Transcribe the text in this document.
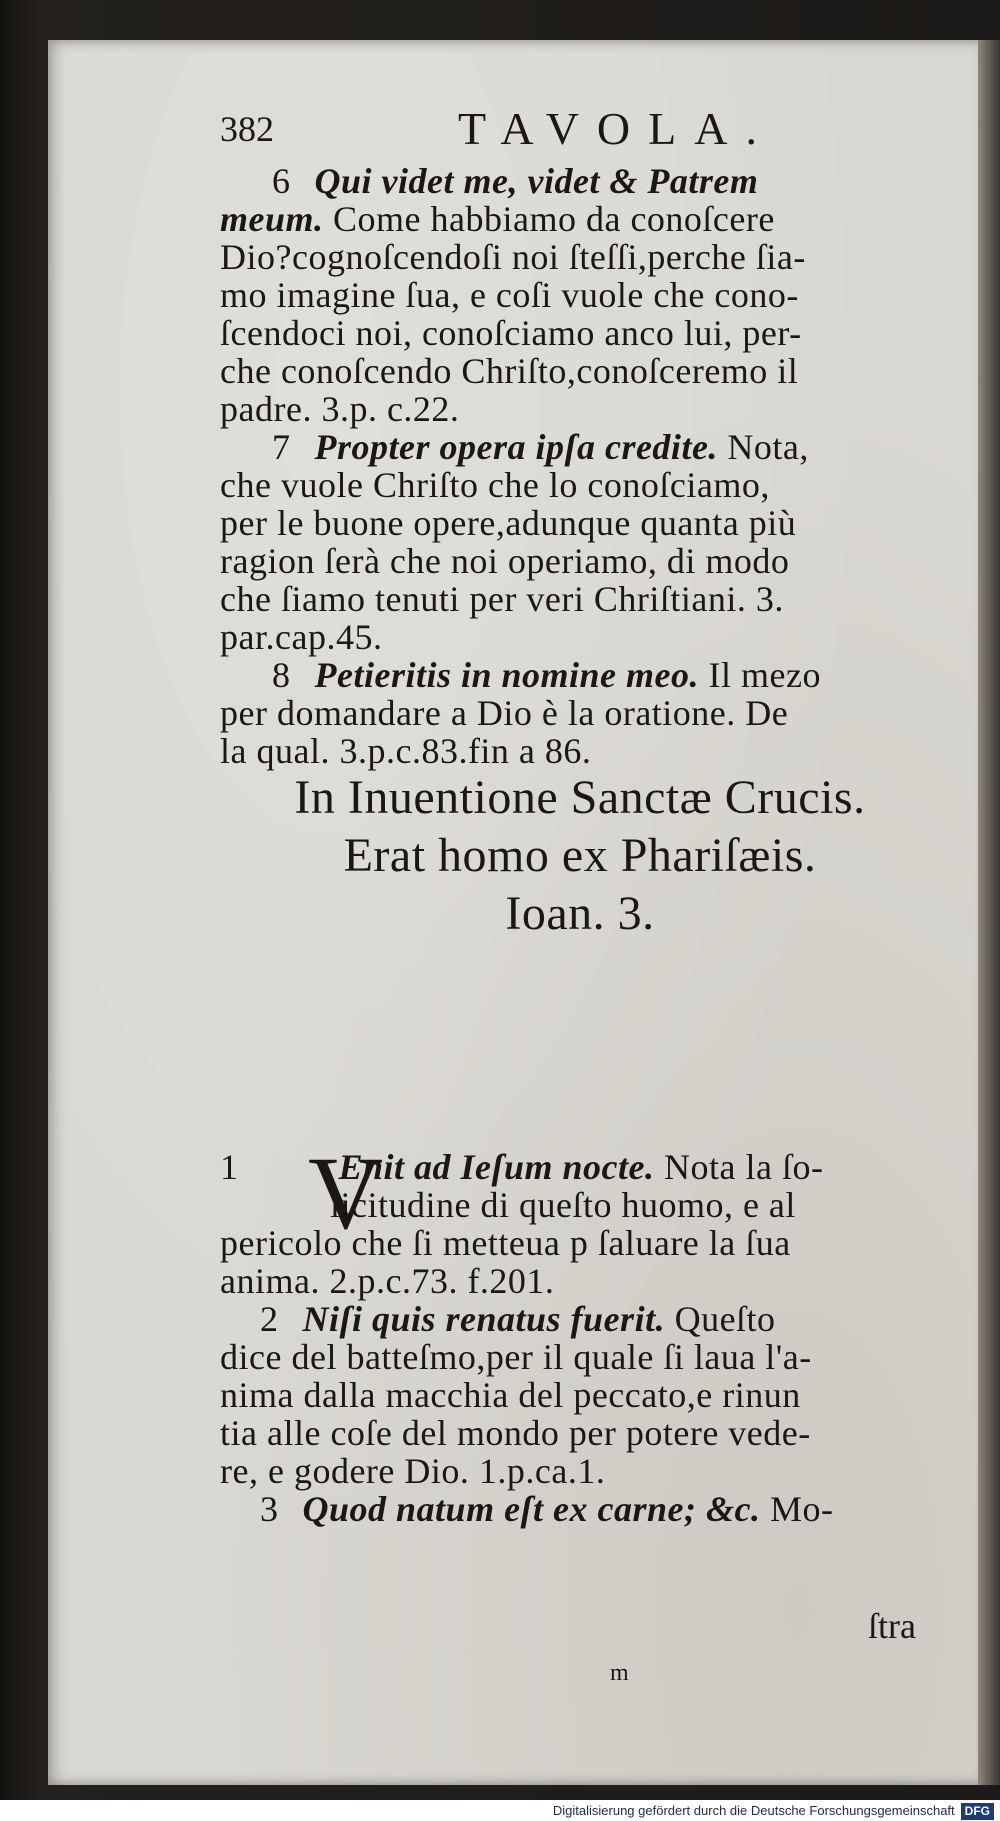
382	TAVOLA.
6 Qui videt me, videt & Patrem
meum. Come habbiamo da conoſcere
Dio?cognoſcendoſi noi ſteſſi,perche ſia-
mo imagine ſua, e coſi vuole che cono-
ſcendoci noi, conoſciamo anco lui, per-
che conoſcendo Chriſto,conoſceremo il
padre. 3.p. c.22.
7 Propter opera ipſa credite. Nota,
che vuole Chriſto che lo conoſciamo,
per le buone opere,adunque quanta più
ragion ſerà che noi operiamo, di modo
che ſiamo tenuti per veri Chriſtiani. 3.
par.cap.45.
8 Petieritis in nomine meo. Il mezo
per domandare a Dio è la oratione. De
la qual. 3.p.c.83.fin a 86.
In Inuentione Sanctæ Crucis.
Erat homo ex Phariſæis.
Ioan. 3.
V
1	Enit ad Ieſum nocte. Nota la ſo-
licitudine di queſto huomo, e al
pericolo che ſi metteua p ſaluare la ſua
anima. 2.p.c.73. f.201.
2 Niſi quis renatus fuerit. Queſto
dice del batteſmo,per il quale ſi laua l'a-
nima dalla macchia del peccato,e rinun
tia alle coſe del mondo per potere vede-
re, e godere Dio. 1.p.ca.1.
3 Quod natum eſt ex carne; &c. Mo-
ſtra
m
Digitalisierung gefördert durch die Deutsche Forschungsgemeinschaft DFG
